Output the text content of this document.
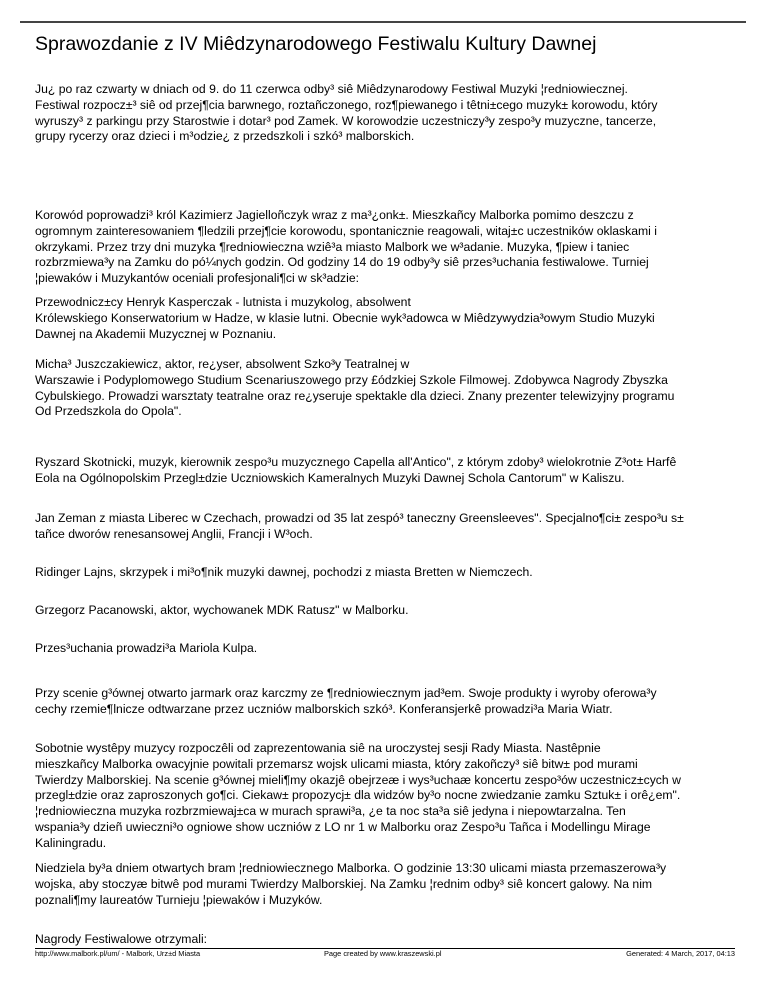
Sprawozdanie z IV Miêdzynarodowego Festiwalu Kultury Dawnej

Ju¿ po raz czwarty w dniach od 9. do 11 czerwca odby³ siê Miêdzynarodowy Festiwal Muzyki ¦redniowiecznej.
Festiwal rozpocz±³ siê od przej¶cia barwnego, roztañczonego, roz¶piewanego i têtni±cego muzyk± korowodu, który
wyruszy³ z parkingu przy Starostwie i dotar³ pod Zamek. W korowodzie uczestniczy³y zespo³y muzyczne, tancerze,
grupy rycerzy oraz dzieci i m³odzie¿ z przedszkoli i szkó³ malborskich.

Korowód poprowadzi³ król Kazimierz Jagielloñczyk wraz z ma³¿onk±. Mieszkañcy Malborka pomimo deszczu z
ogromnym zainteresowaniem ¶ledzili przej¶cie korowodu, spontanicznie reagowali, witaj±c uczestników oklaskami i
okrzykami. Przez trzy dni muzyka ¶redniowieczna wziê³a miasto Malbork we w³adanie. Muzyka, ¶piew i taniec
rozbrzmiewa³y na Zamku do pó¼nych godzin. Od godziny 14 do 19 odby³y siê przes³uchania festiwalowe. Turniej
¦piewaków i Muzykantów oceniali profesjonali¶ci w sk³adzie:

Przewodnicz±cy Henryk Kasperczak - lutnista i muzykolog, absolwent
Królewskiego Konserwatorium w Hadze, w klasie lutni. Obecnie wyk³adowca w Miêdzywydzia³owym Studio Muzyki
Dawnej na Akademii Muzycznej w Poznaniu.

Micha³ Juszczakiewicz, aktor, re¿yser, absolwent Szko³y Teatralnej w
Warszawie i Podyplomowego Studium Scenariuszowego przy £ódzkiej Szkole Filmowej. Zdobywca Nagrody Zbyszka
Cybulskiego. Prowadzi warsztaty teatralne oraz re¿yseruje spektakle dla dzieci. Znany prezenter telewizyjny programu
Od Przedszkola do Opola".

Ryszard Skotnicki, muzyk, kierownik zespo³u muzycznego Capella all'Antico", z którym zdoby³ wielokrotnie Z³ot± Harfê
Eola na Ogólnopolskim Przegl±dzie Uczniowskich Kameralnych Muzyki Dawnej Schola Cantorum" w Kaliszu.

Jan Zeman z miasta Liberec w Czechach, prowadzi od 35 lat zespó³ taneczny Greensleeves". Specjalno¶ci± zespo³u s±
tañce dworów renesansowej Anglii, Francji i W³och.

Ridinger Lajns, skrzypek i mi³o¶nik muzyki dawnej, pochodzi z miasta Bretten w Niemczech.

Grzegorz Pacanowski, aktor, wychowanek MDK Ratusz" w Malborku.

Przes³uchania prowadzi³a Mariola Kulpa.

Przy scenie g³ównej otwarto jarmark oraz karczmy ze ¶redniowiecznym jad³em. Swoje produkty i wyroby oferowa³y
cechy rzemie¶lnicze odtwarzane przez uczniów malborskich szkó³. Konferansjerkê prowadzi³a Maria Wiatr.

Sobotnie wystêpy muzycy rozpoczêli od zaprezentowania siê na uroczystej sesji Rady Miasta. Nastêpnie
mieszkañcy Malborka owacyjnie powitali przemarsz wojsk ulicami miasta, który zakoñczy³ siê bitw± pod murami
Twierdzy Malborskiej. Na scenie g³ównej mieli¶my okazjê obejrzeæ i wys³uchaæ koncertu zespo³ów uczestnicz±cych w
przegl±dzie oraz zaproszonych go¶ci. Ciekaw± propozycj± dla widzów by³o nocne zwiedzanie zamku Sztuk± i orê¿em".
¦redniowieczna muzyka rozbrzmiewaj±ca w murach sprawi³a, ¿e ta noc sta³a siê jedyna i niepowtarzalna. Ten
wspania³y dzieñ uwieczni³o ogniowe show uczniów z LO nr 1 w Malborku oraz Zespo³u Tañca i Modellingu Mirage
Kaliningradu.

Niedziela by³a dniem otwartych bram ¦redniowiecznego Malborka. O godzinie 13:30 ulicami miasta przemaszerowa³y
wojska, aby stoczyæ bitwê pod murami Twierdzy Malborskiej. Na Zamku ¦rednim odby³ siê koncert galowy. Na nim
poznali¶my laureatów Turnieju ¦piewaków i Muzyków.

Nagrody Festiwalowe otrzymali:

http://www.malbork.pl/um/ - Malbork, Urz±d Miasta	Page created by www.kraszewski.pl	Generated: 4 March, 2017, 04:13
